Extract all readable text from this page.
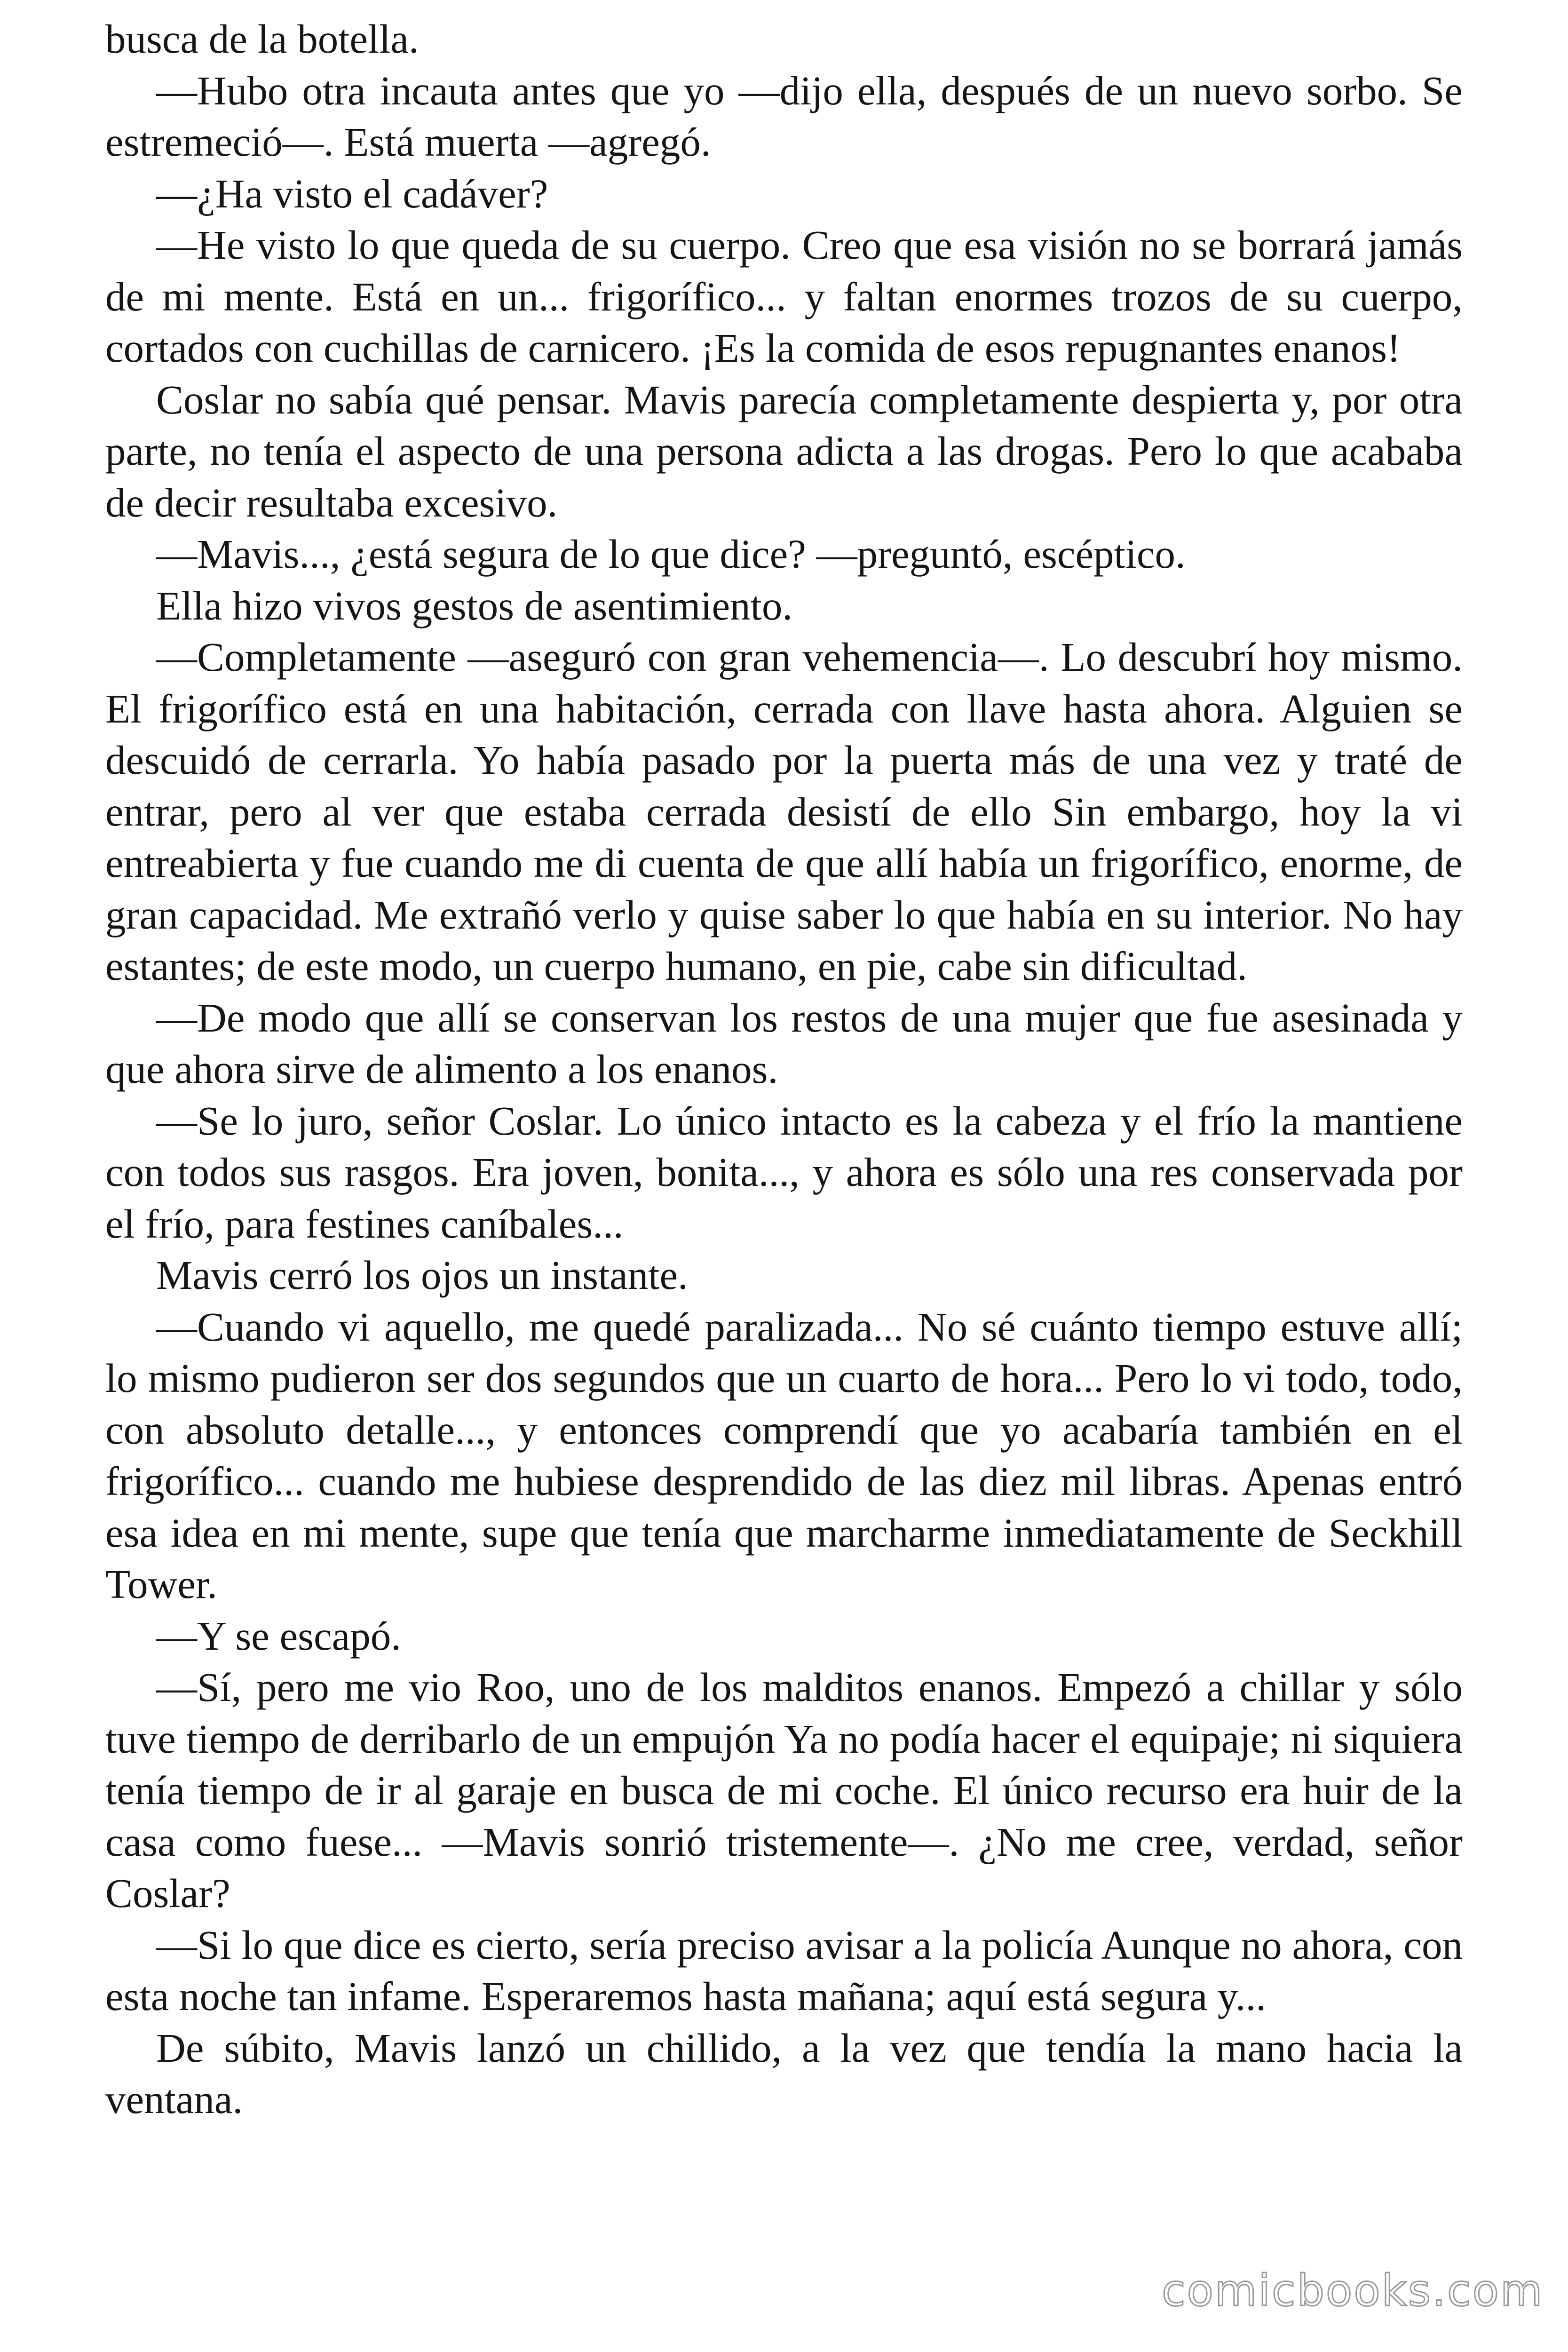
busca de la botella.

—Hubo otra incauta antes que yo —dijo ella, después de un nuevo sorbo. Se estremeció—. Está muerta —agregó.

—¿Ha visto el cadáver?

—He visto lo que queda de su cuerpo. Creo que esa visión no se borrará jamás de mi mente. Está en un... frigorífico... y faltan enormes trozos de su cuerpo, cortados con cuchillas de carnicero. ¡Es la comida de esos repugnantes enanos!

Coslar no sabía qué pensar. Mavis parecía completamente despierta y, por otra parte, no tenía el aspecto de una persona adicta a las drogas. Pero lo que acababa de decir resultaba excesivo.

—Mavis..., ¿está segura de lo que dice? —preguntó, escéptico.

Ella hizo vivos gestos de asentimiento.

—Completamente —aseguró con gran vehemencia—. Lo descubrí hoy mismo. El frigorífico está en una habitación, cerrada con llave hasta ahora. Alguien se descuidó de cerrarla. Yo había pasado por la puerta más de una vez y traté de entrar, pero al ver que estaba cerrada desistí de ello Sin embargo, hoy la vi entreabierta y fue cuando me di cuenta de que allí había un frigorífico, enorme, de gran capacidad. Me extrañó verlo y quise saber lo que había en su interior. No hay estantes; de este modo, un cuerpo humano, en pie, cabe sin dificultad.

—De modo que allí se conservan los restos de una mujer que fue asesinada y que ahora sirve de alimento a los enanos.

—Se lo juro, señor Coslar. Lo único intacto es la cabeza y el frío la mantiene con todos sus rasgos. Era joven, bonita..., y ahora es sólo una res conservada por el frío, para festines caníbales...

Mavis cerró los ojos un instante.

—Cuando vi aquello, me quedé paralizada... No sé cuánto tiempo estuve allí; lo mismo pudieron ser dos segundos que un cuarto de hora... Pero lo vi todo, todo, con absoluto detalle..., y entonces comprendí que yo acabaría también en el frigorífico... cuando me hubiese desprendido de las diez mil libras. Apenas entró esa idea en mi mente, supe que tenía que marcharme inmediatamente de Seckhill Tower.

—Y se escapó.

—Sí, pero me vio Roo, uno de los malditos enanos. Empezó a chillar y sólo tuve tiempo de derribarlo de un empujón Ya no podía hacer el equipaje; ni siquiera tenía tiempo de ir al garaje en busca de mi coche. El único recurso era huir de la casa como fuese... —Mavis sonrió tristemente—. ¿No me cree, verdad, señor Coslar?

—Si lo que dice es cierto, sería preciso avisar a la policía Aunque no ahora, con esta noche tan infame. Esperaremos hasta mañana; aquí está segura y...

De súbito, Mavis lanzó un chillido, a la vez que tendía la mano hacia la ventana.

comicbooks.com
